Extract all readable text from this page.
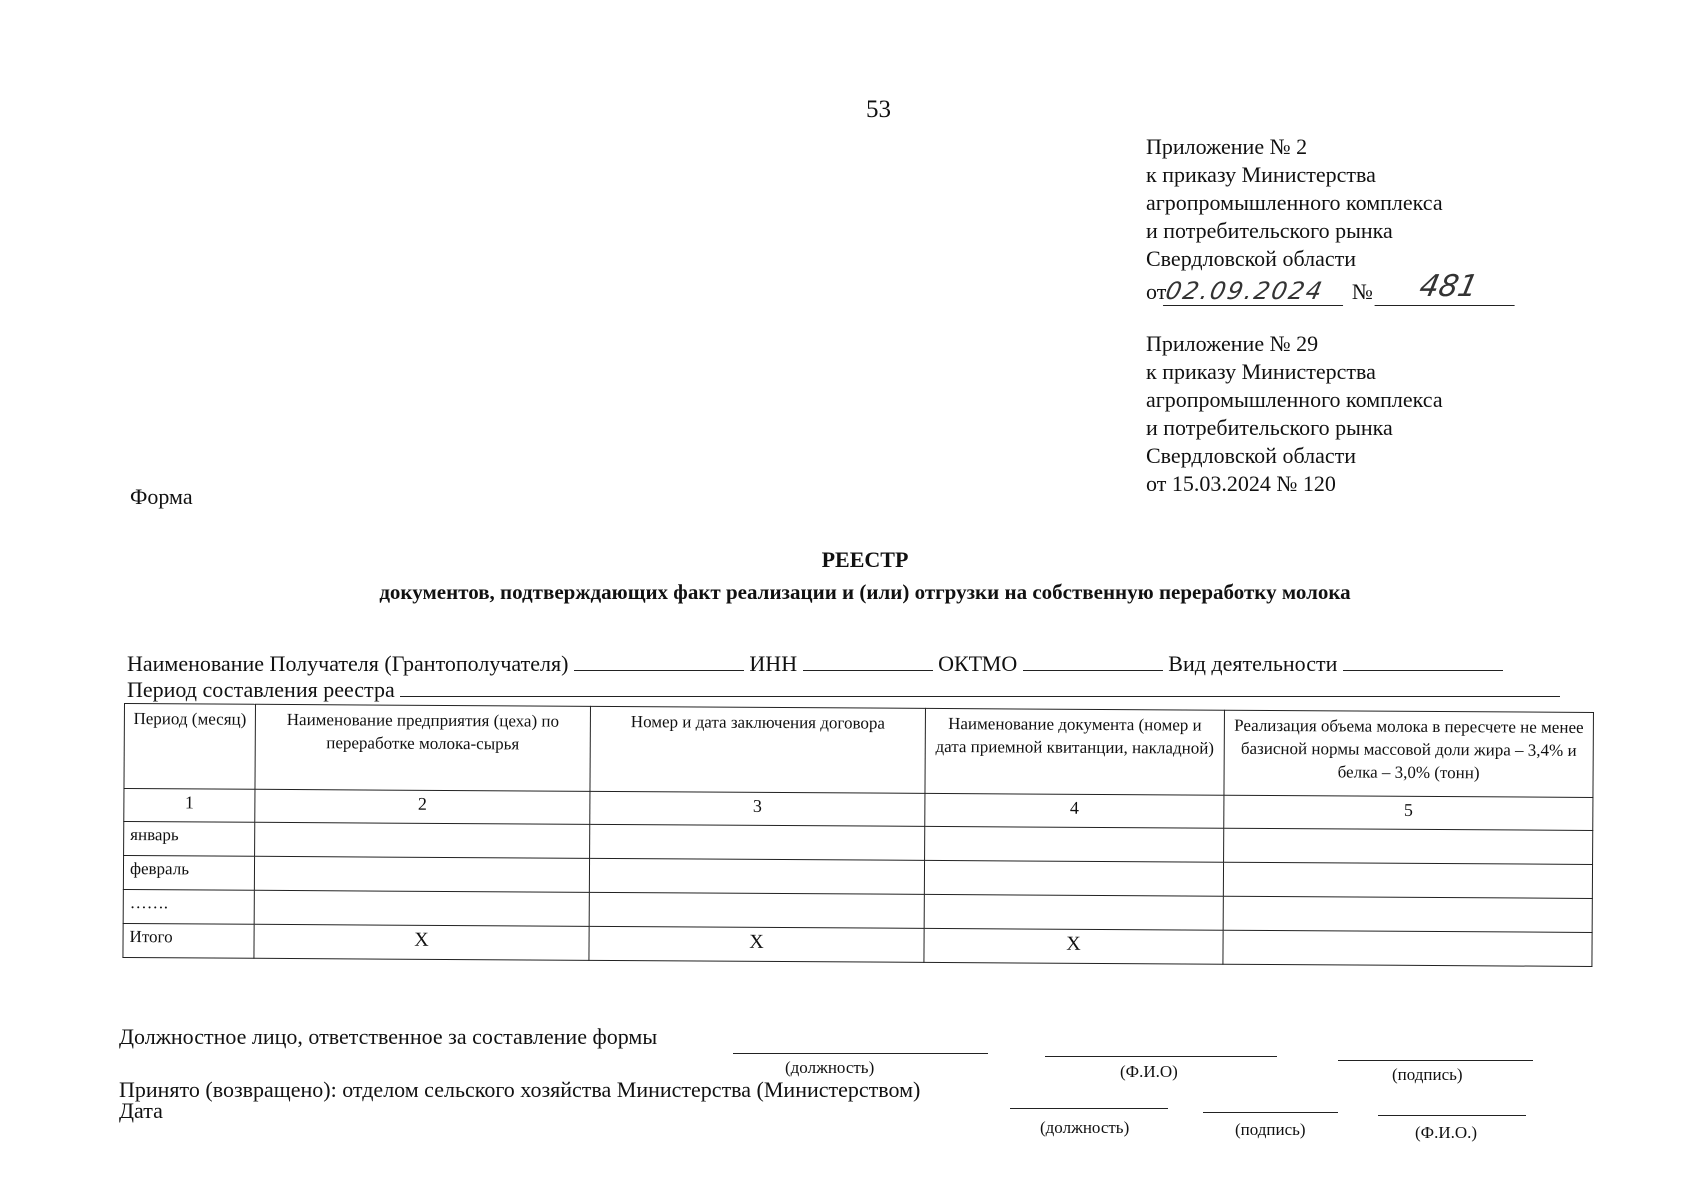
53
Приложение № 2
к приказу Министерства
агропромышленного комплекса
и потребительского рынка
Свердловской области
от02.09.2024 № 481
Приложение № 29
к приказу Министерства
агропромышленного комплекса
и потребительского рынка
Свердловской области
от 15.03.2024 № 120
Форма
РЕЕСТР
документов, подтверждающих факт реализации и (или) отгрузки на собственную переработку молока
Наименование Получателя (Грантополучателя)	ИНН	ОКТМО	Вид деятельности
Период составления реестра
Период (месяц)	Наименование предприятия (цеха) по переработке молока-сырья	Номер и дата заключения договора	Наименование документа (номер и дата приемной квитанции, накладной)	Реализация объема молока в пересчете не менее базисной нормы массовой доли жира – 3,4% и белка – 3,0% (тонн)
1	2	3	4	5
январь				
февраль				
…….				
Итого	Х	Х	Х	
Должностное лицо, ответственное за составление формы
(должность)	(Ф.И.О)	(подпись)
Принято (возвращено): отделом сельского хозяйства Министерства (Министерством)
Дата
(должность)	(подпись)	(Ф.И.О.)
